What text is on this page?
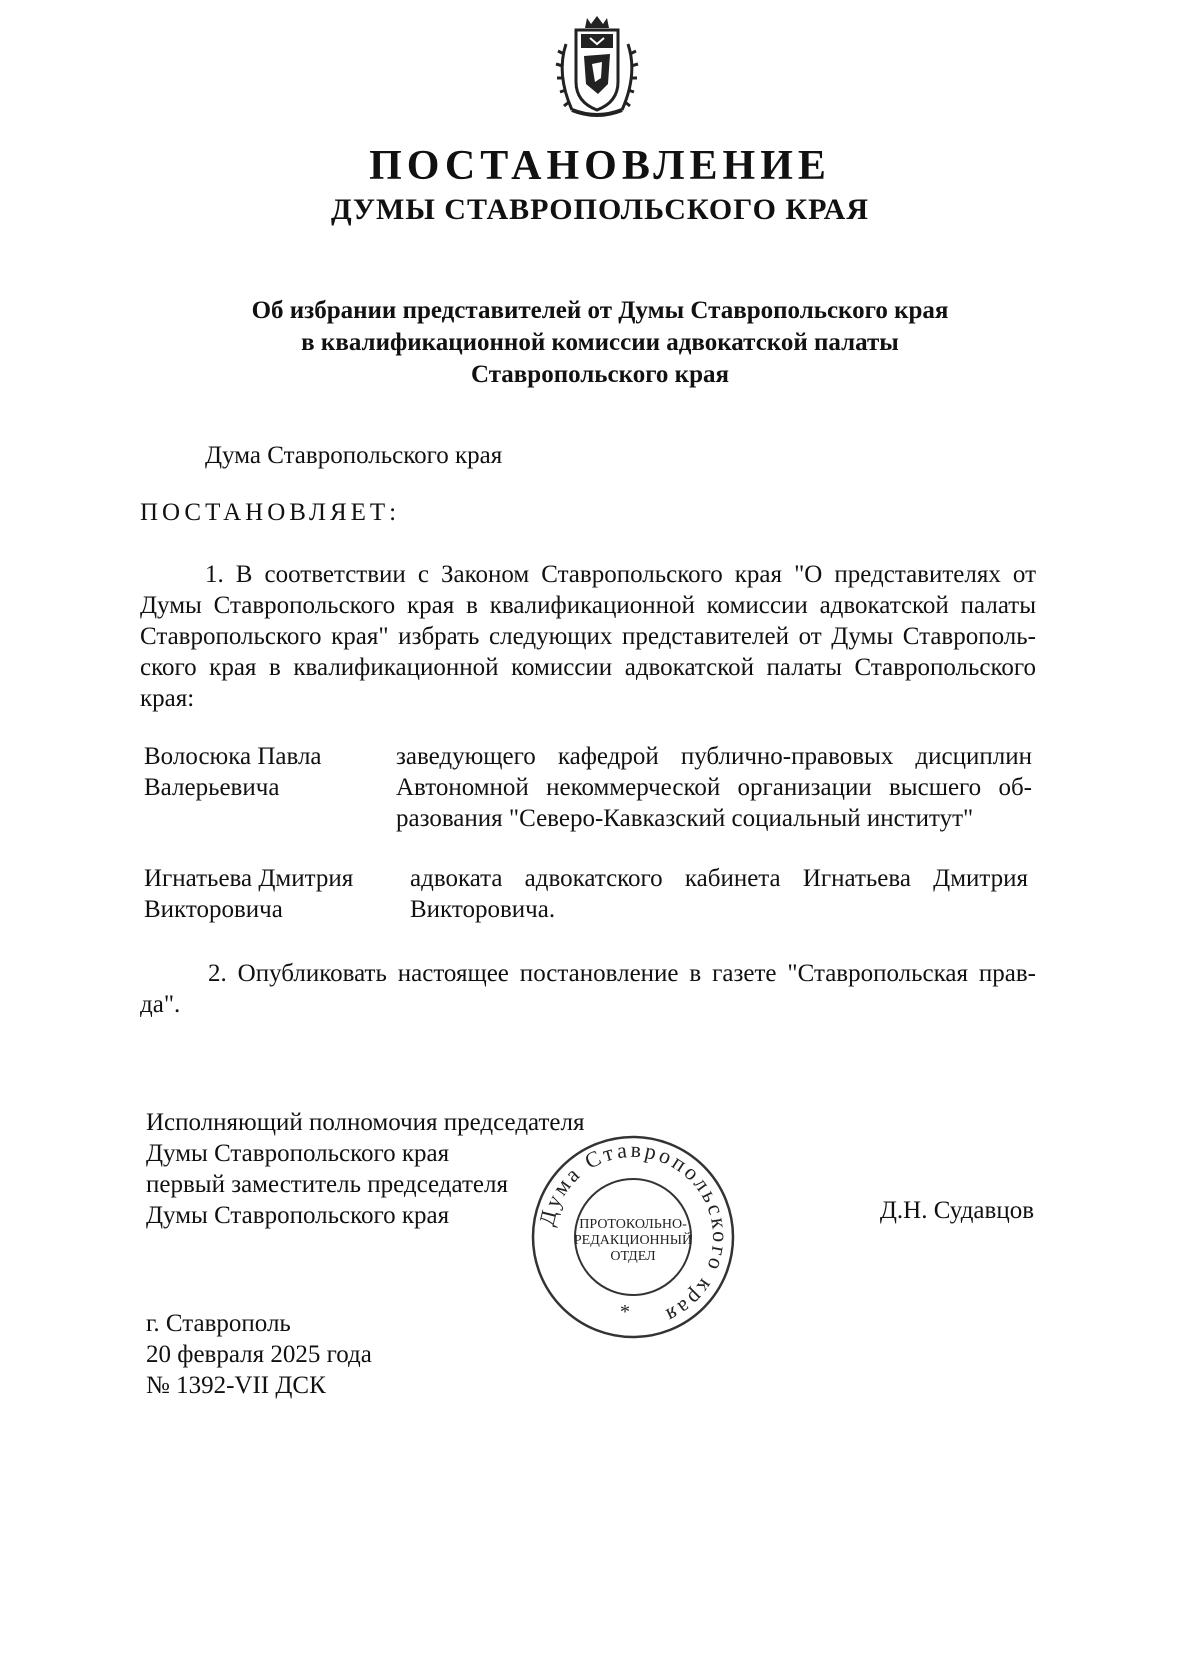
ПОСТАНОВЛЕНИЕ
ДУМЫ СТАВРОПОЛЬСКОГО КРАЯ
Об избрании представителей от Думы Ставропольского края
в квалификационной комиссии адвокатской палаты
Ставропольского края
Дума Ставропольского края
ПОСТАНОВЛЯЕТ:
1. В соответствии с Законом Ставропольского края "О представителях от Думы Ставропольского края в квалификационной комиссии адвокатской палаты Ставропольского края" избрать следующих представителей от Думы Ставрополь-ского края в квалификационной комиссии адвокатской палаты Ставропольского края:
Волосюка Павла Валерьевича
заведующего кафедрой публично-правовых дисциплин Автономной некоммерческой организации высшего об-разования "Северо-Кавказский социальный институт"
Игнатьева Дмитрия Викторовича
адвоката адвокатского кабинета Игнатьева Дмитрия Викторовича.
2. Опубликовать настоящее постановление в газете "Ставропольская прав-да".
Исполняющий полномочия председателя
Думы Ставропольского края
первый заместитель председателя
Думы Ставропольского края	Д.Н. Судавцов
Дума Ставропольского края
ПРОТОКОЛЬНО-
РЕДАКЦИОННЫЙ
ОТДЕЛ
*
г. Ставрополь
20 февраля 2025 года
№ 1392-VII ДСК
